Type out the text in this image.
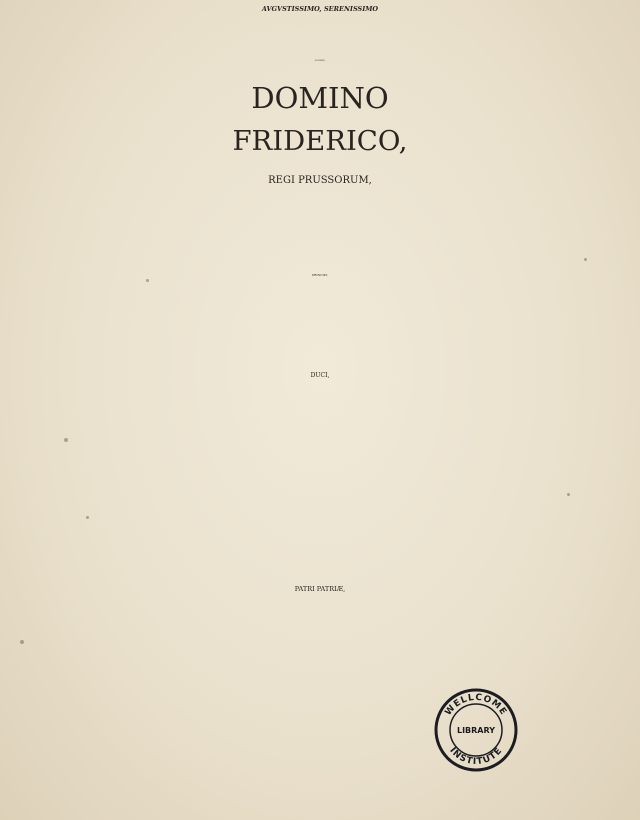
AVGVSTISSIMO, SERENISSIMO
AC DOMINO,
DOMINO
FRIDERICO,
REGI PRUSSORUM,
PRINCIPI,
DUCI,
PATRI PATRIÆ,
WELLCOME
LIBRARY
INSTITUTE
